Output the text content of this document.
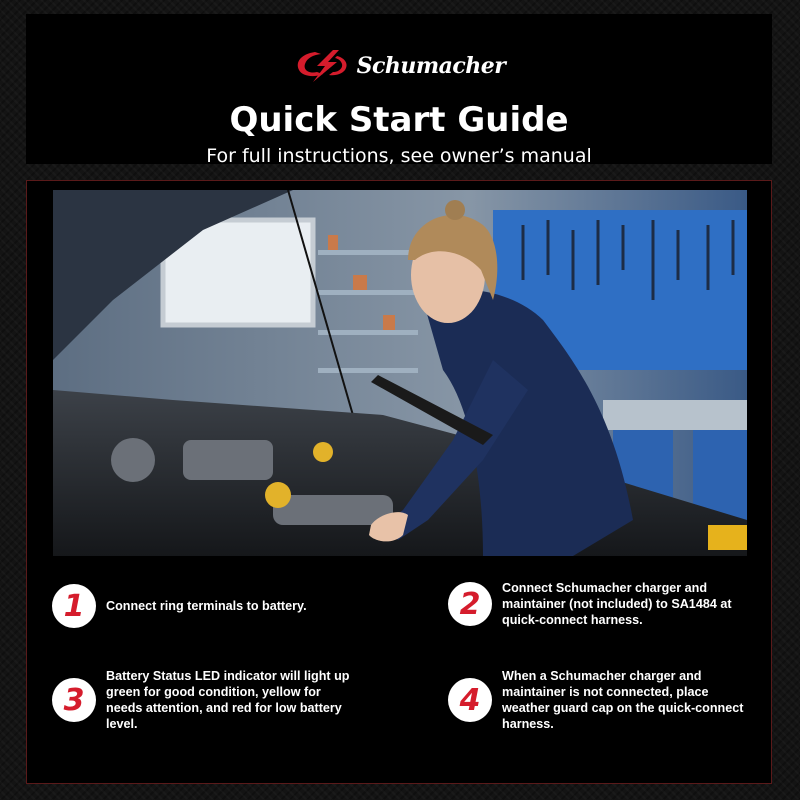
Schumacher
Quick Start Guide
For full instructions, see owner’s manual
1	Connect ring terminals to battery.	2	Connect Schumacher charger and maintainer (not included) to SA1484 at quick-connect harness.
3
Battery Status LED indicator will light up green for good condition, yellow for needs attention, and red for low battery level.
4
When a Schumacher charger and maintainer is not connected, place weather guard cap on the quick-connect harness.
